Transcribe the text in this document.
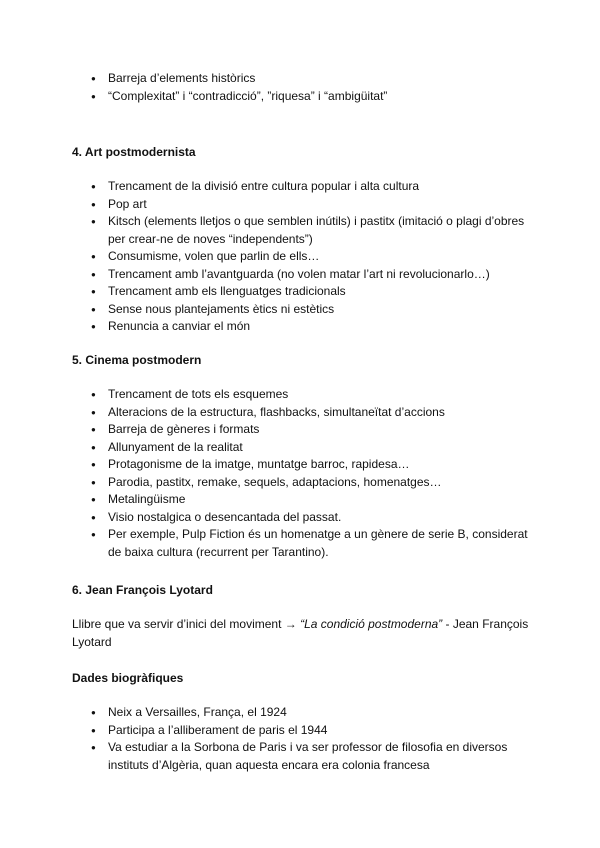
● Barreja d’elements històrics
● “Complexitat” i “contradicció”, ”riquesa” i “ambigüitat”
4. Art postmodernista
● Trencament de la divisió entre cultura popular i alta cultura
● Pop art
● Kitsch (elements lletjos o que semblen inútils) i pastitx (imitació o plagi d’obres per crear-ne de noves “independents”)
● Consumisme, volen que parlin de ells…
● Trencament amb l’avantguarda (no volen matar l’art ni revolucionarlo…)
● Trencament amb els llenguatges tradicionals
● Sense nous plantejaments ètics ni estètics
● Renuncia a canviar el món
5. Cinema postmodern
● Trencament de tots els esquemes
● Alteracions de la estructura, flashbacks, simultaneïtat d’accions
● Barreja de gèneres i formats
● Allunyament de la realitat
● Protagonisme de la imatge, muntatge barroc, rapidesa…
● Parodia, pastitx, remake, sequels, adaptacions, homenatges…
● Metalingüisme
● Visio nostalgica o desencantada del passat.
● Per exemple, Pulp Fiction és un homenatge a un gènere de serie B, considerat de baixa cultura (recurrent per Tarantino).
6. Jean François Lyotard

Llibre que va servir d’inici del moviment → “La condició postmoderna” - Jean François Lyotard

Dades biogràfiques
● Neix a Versailles, França, el 1924
● Participa a l’alliberament de paris el 1944
● Va estudiar a la Sorbona de Paris i va ser professor de filosofia en diversos instituts d’Algèria, quan aquesta encara era colonia francesa
